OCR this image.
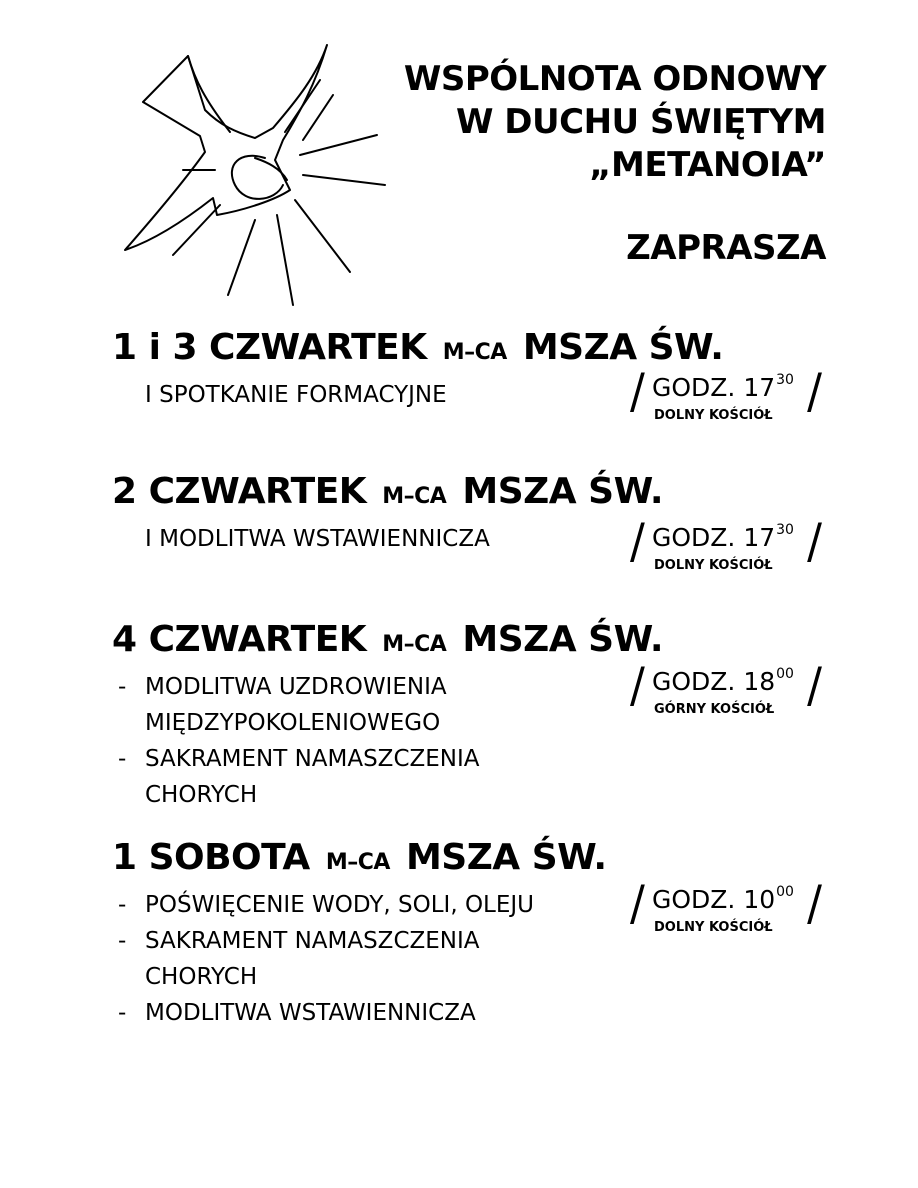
WSPÓLNOTA ODNOWY
W DUCHU ŚWIĘTYM
„METANOIA”
ZAPRASZA
1 i 3 CZWARTEK M–CA MSZA ŚW.
I SPOTKANIE FORMACYJNE	/ GODZ. $17^{30}$
DOLNY KOŚCIÓŁ /
2 CZWARTEK M–CA MSZA ŚW.
I MODLITWA WSTAWIENNICZA	/ GODZ. $17^{30}$
DOLNY KOŚCIÓŁ /
4 CZWARTEK M–CA MSZA ŚW.
- MODLITWA UZDROWIENIA
MIĘDZYPOKOLENIOWEGO
- SAKRAMENT NAMASZCZENIA
CHORYCH
/ GODZ. $18^{00}$
GÓRNY KOŚCIÓŁ /
1 SOBOTA M–CA MSZA ŚW.
- POŚWIĘCENIE WODY, SOLI, OLEJU
- SAKRAMENT NAMASZCZENIA
CHORYCH
- MODLITWA WSTAWIENNICZA
/ GODZ. $10^{00}$
DOLNY KOŚCIÓŁ /
